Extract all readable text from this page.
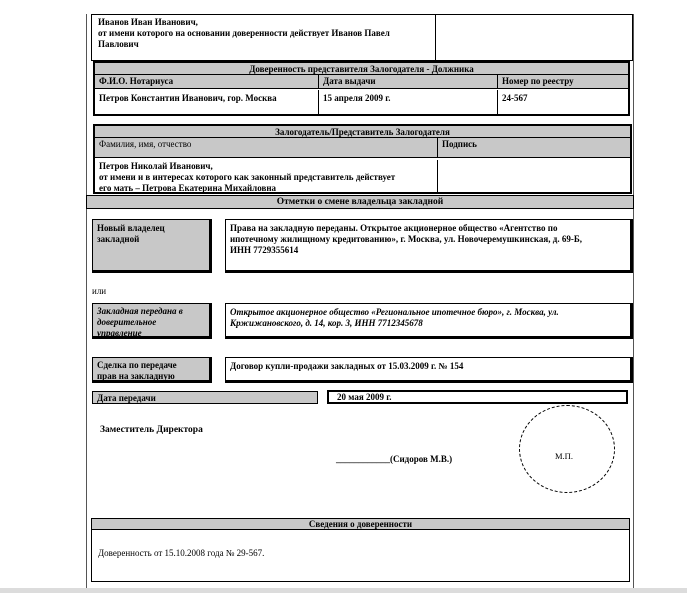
Иванов Иван Иванович,
от имени которого на основании доверенности действует Иванов Павел
Павлович
Доверенность представителя Залогодателя - Должника
Ф.И.О. Нотариуса	Дата выдачи	Номер по реестру
Петров Константин Иванович, гор. Москва	15 апреля 2009 г.	24-567
Залогодатель/Представитель Залогодателя
Фамилия, имя, отчество	Подпись
Петров Николай Иванович,
от имени и в интересах которого как законный представитель действует
его мать – Петрова Екатерина Михайловна
Отметки о смене владельца закладной
Новый владелец
закладной
Права на закладную переданы. Открытое акционерное общество «Агентство по
ипотечному жилищному кредитованию», г. Москва, ул. Новочеремушкинская, д. 69-Б,
ИНН 7729355614
или
Закладная передана в
доверительное
управление
Открытое акционерное общество «Региональное ипотечное бюро», г. Москва, ул.
Кржижановского, д. 14, кор. 3, ИНН 7712345678
Сделка по передаче
прав на закладную
Договор купли-продажи закладных от 15.03.2009 г. № 154
Дата передачи	20 мая 2009 г.
Заместитель Директора
____________(Сидоров М.В.)	М.П.
Сведения о доверенности
Доверенность от 15.10.2008 года № 29-567.
